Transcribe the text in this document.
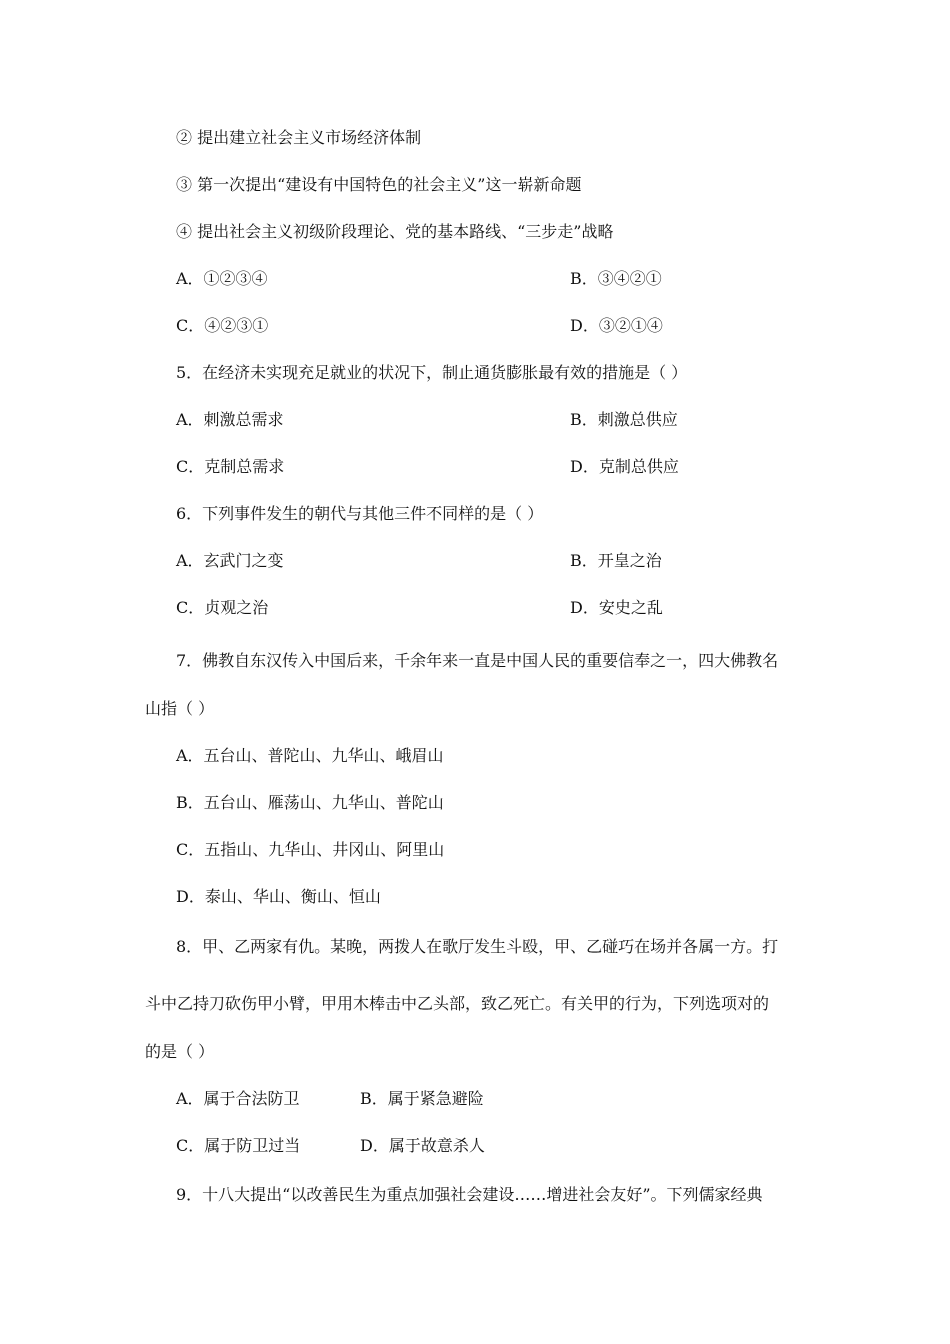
② 提出建立社会主义市场经济体制
③ 第一次提出“建设有中国特色的社会主义”这一崭新命题
④ 提出社会主义初级阶段理论、党的基本路线、“三步走”战略
A．①②③④	B．③④②①
C．④②③①	D．③②①④
5．在经济未实现充足就业的状况下，制止通货膨胀最有效的措施是（ ）
A．刺激总需求	B．刺激总供应
C．克制总需求	D．克制总供应
6．下列事件发生的朝代与其他三件不同样的是（ ）
A．玄武门之变	B．开皇之治
C．贞观之治	D．安史之乱
7．佛教自东汉传入中国后来，千余年来一直是中国人民的重要信奉之一，四大佛教名
山指（ ）
A．五台山、普陀山、九华山、峨眉山
B．五台山、雁荡山、九华山、普陀山
C．五指山、九华山、井冈山、阿里山
D．泰山、华山、衡山、恒山
8．甲、乙两家有仇。某晚，两拨人在歌厅发生斗殴，甲、乙碰巧在场并各属一方。打
斗中乙持刀砍伤甲小臂，甲用木棒击中乙头部，致乙死亡。有关甲的行为，下列选项对的
的是（ ）
A．属于合法防卫	B．属于紧急避险
C．属于防卫过当	D．属于故意杀人
9．十八大提出“以改善民生为重点加强社会建设……增进社会友好”。下列儒家经典
